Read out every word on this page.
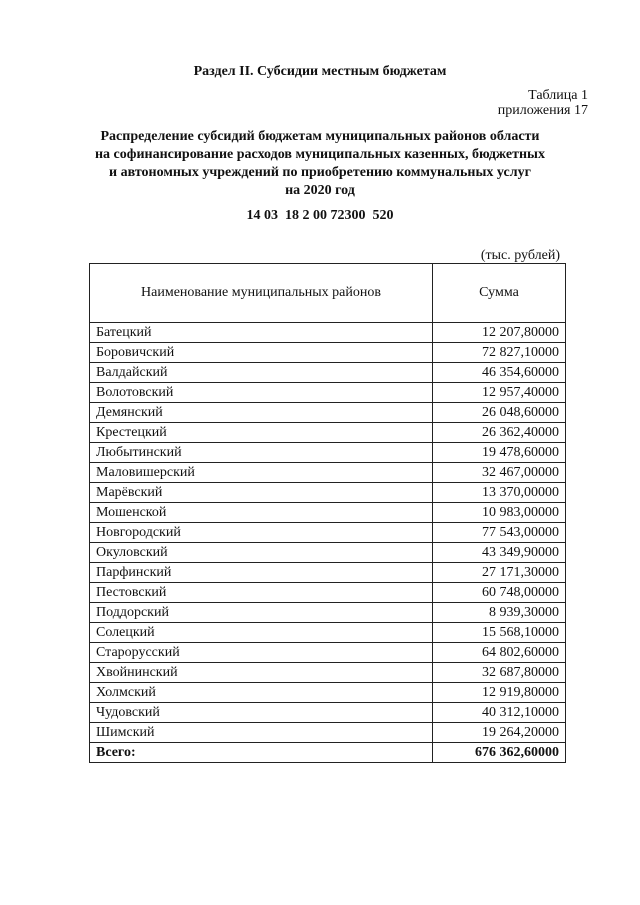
Раздел II. Субсидии местным бюджетам
Таблица 1
приложения 17
Распределение субсидий бюджетам муниципальных районов области
на софинансирование расходов муниципальных казенных, бюджетных
и автономных учреждений по приобретению коммунальных услуг
на 2020 год
14 03  18 2 00 72300  520
(тыс. рублей)
Наименование муниципальных районов	Сумма
Батецкий	12 207,80000
Боровичский	72 827,10000
Валдайский	46 354,60000
Волотовский	12 957,40000
Демянский	26 048,60000
Крестецкий	26 362,40000
Любытинский	19 478,60000
Маловишерский	32 467,00000
Марёвский	13 370,00000
Мошенской	10 983,00000
Новгородский	77 543,00000
Окуловский	43 349,90000
Парфинский	27 171,30000
Пестовский	60 748,00000
Поддорский	8 939,30000
Солецкий	15 568,10000
Старорусский	64 802,60000
Хвойнинский	32 687,80000
Холмский	12 919,80000
Чудовский	40 312,10000
Шимский	19 264,20000
Всего:	676 362,60000
